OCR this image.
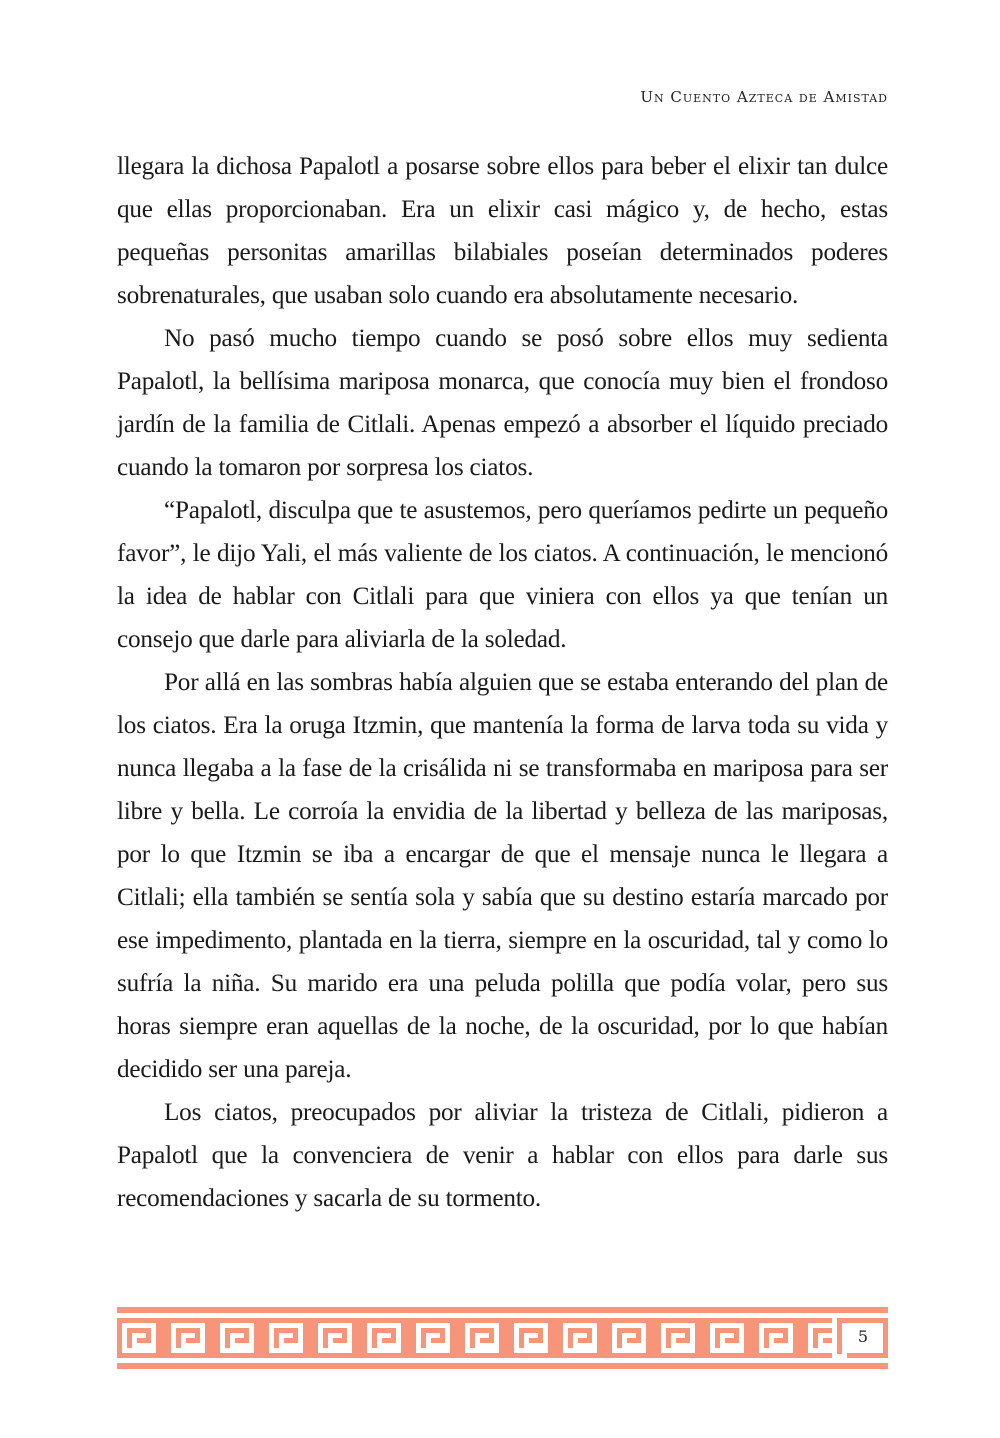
Un Cuento Azteca de Amistad

llegara la dichosa Papalotl a posarse sobre ellos para beber el elixir tan dulce que ellas proporcionaban. Era un elixir casi mágico y, de hecho, estas pequeñas personitas amarillas bilabiales poseían determinados poderes sobrenaturales, que usaban solo cuando era absolutamente necesario.

No pasó mucho tiempo cuando se posó sobre ellos muy sedienta Papalotl, la bellísima mariposa monarca, que conocía muy bien el frondoso jardín de la familia de Citlali. Apenas empezó a absorber el líquido preciado cuando la tomaron por sorpresa los ciatos.

“Papalotl, disculpa que te asustemos, pero queríamos pedirte un pequeño favor”, le dijo Yali, el más valiente de los ciatos. A continuación, le mencionó la idea de hablar con Citlali para que viniera con ellos ya que tenían un consejo que darle para aliviarla de la soledad.

Por allá en las sombras había alguien que se estaba enterando del plan de los ciatos. Era la oruga Itzmin, que mantenía la forma de larva toda su vida y nunca llegaba a la fase de la crisálida ni se transformaba en mariposa para ser libre y bella. Le corroía la envidia de la libertad y belleza de las mariposas, por lo que Itzmin se iba a encargar de que el mensaje nunca le llegara a Citlali; ella también se sentía sola y sabía que su destino estaría marcado por ese impedimento, plantada en la tierra, siempre en la oscuridad, tal y como lo sufría la niña. Su marido era una peluda polilla que podía volar, pero sus horas siempre eran aquellas de la noche, de la oscuridad, por lo que habían decidido ser una pareja.

Los ciatos, preocupados por aliviar la tristeza de Citlali, pidieron a Papalotl que la convenciera de venir a hablar con ellos para darle sus recomendaciones y sacarla de su tormento.

5
